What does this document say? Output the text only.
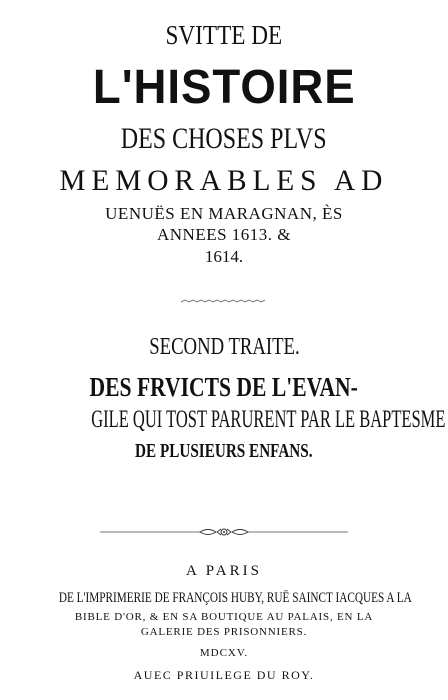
SVITTE DE
L'HISTOIRE
DES CHOSES PLVS
MEMORABLES AD
UENUËS EN MARAGNAN, ÈS
ANNEES 1613. &
1614.
SECOND TRAITE.
DES FRVICTS DE L'EVAN-
GILE QUI TOST PARURENT PAR LE BAPTESME
DE PLUSIEURS ENFANS.
A PARIS
DE L'IMPRIMERIE DE FRANÇOIS HUBY, RUË SAINCT IACQUES A LA
BIBLE D'OR, & EN SA BOUTIQUE AU PALAIS, EN LA
GALERIE DES PRISONNIERS.
MDCXV.
AUEC PRIUILEGE DU ROY.
